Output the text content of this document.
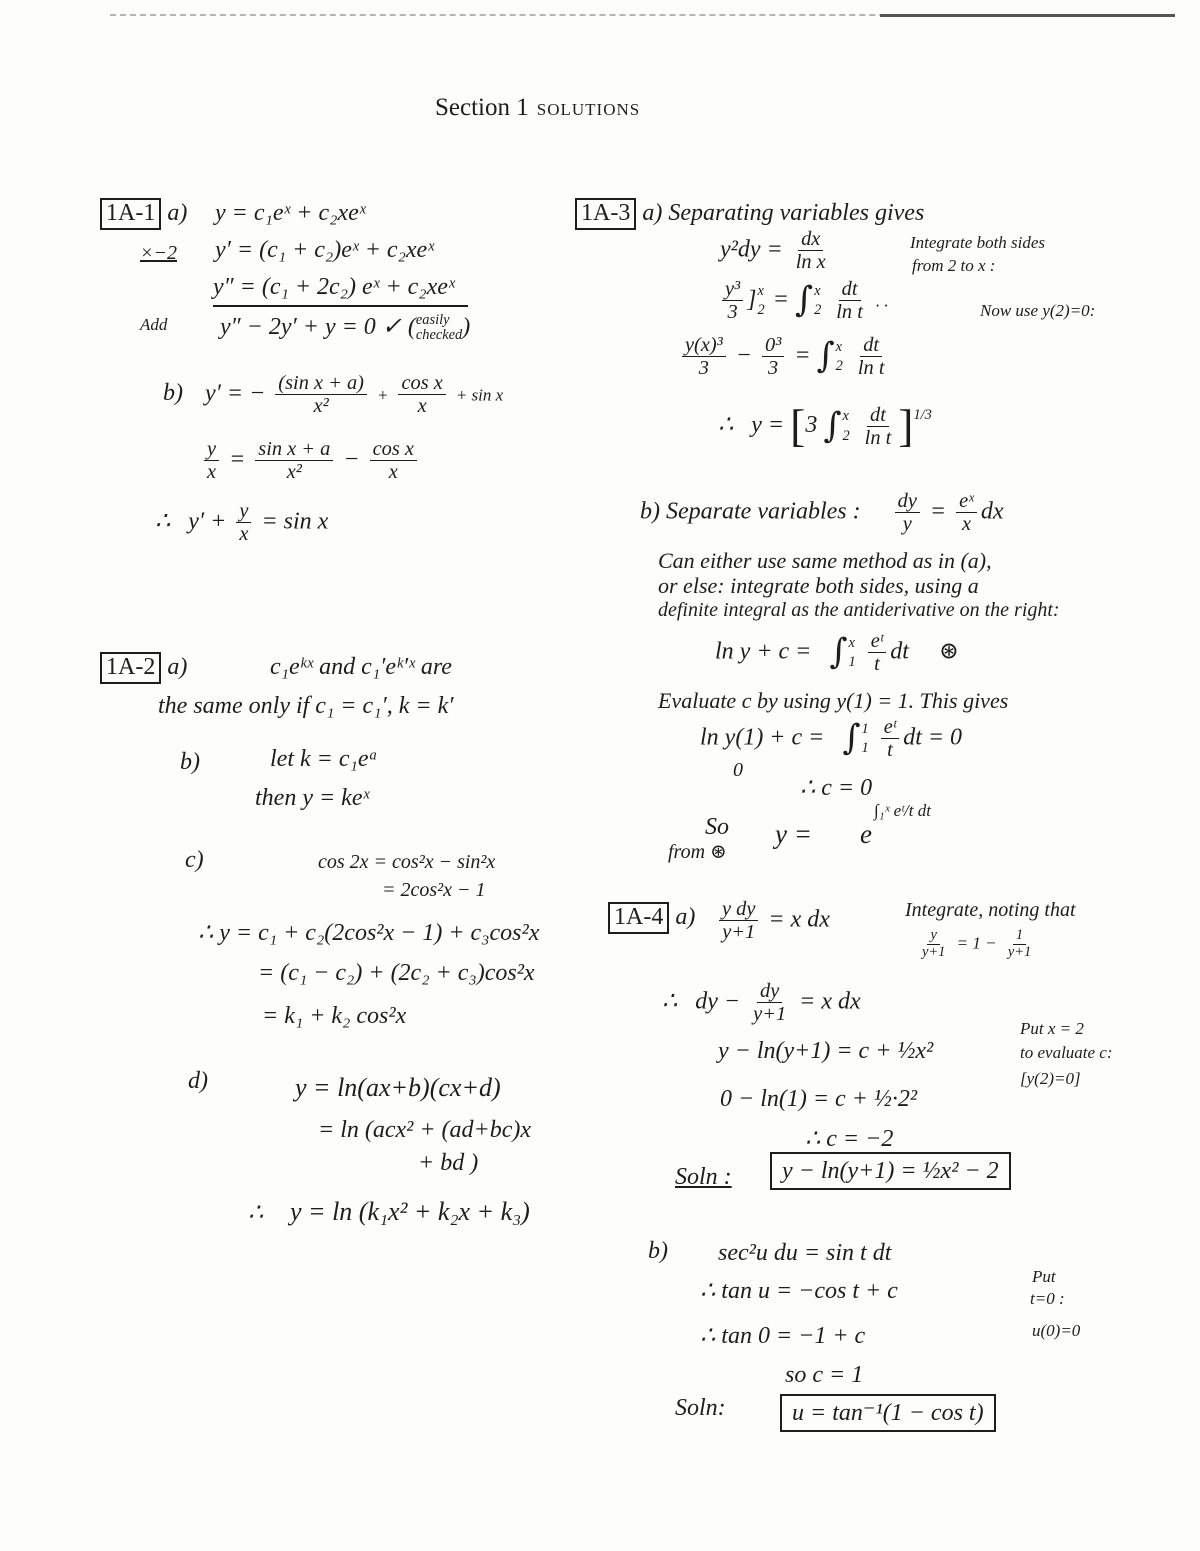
Section 1 SOLUTIONS
1A-1 a) y = c₁eˣ + c₂xeˣ
×−2 y′ = (c₁ + c₂)eˣ + c₂xeˣ
y″ = (c₁ + 2c₂) eˣ + c₂xeˣ
Add y″ − 2y′ + y = 0 ✓ ( easily
checked )
b) y′ = − $\frac{\text{(sin x + a)}}{\text{x²}} + \frac{\text{cos x}}{x} + \sin x$
$\frac{y}{x} = \frac{\text{sin x + a}}{\text{x²}} - \frac{\text{cos x}}{x}$
∴ $y' + \frac{y}{x} = \sin x$
1A-2 a)	c₁eᵏˣ and c₁′eᵏ′ˣ are
the same only if c₁ = c₁′, k = k′
b)	let k = c₁eᵃ
then y = keˣ
c)	cos 2x = cos²x − sin²x
= 2cos²x − 1
∴ y = c₁ + c₂(2cos²x − 1) + c₃cos²x
= (c₁ − c₂) + (2c₂ + c₃)cos²x
= k₁ + k₂ cos²x
d)	y = ln(ax+b)(cx+d)
= ln (acx² + (ad+bc)x
+ bd )
∴ y = ln (k₁x² + k₂x + k₃)
1A-3 a) Separating variables gives
$y^2dy = \frac{dx}{\text{ln x}}$	Integrate both sides
from 2 to x :
$\frac{\text{y³}}{3}$ ] x
2 = ∫ x
2
$\frac{dt}{\text{ln t}}$ . .
Now use y(2)=0:
$\frac{\text{y(x)³}}{3} - \frac{\text{0³}}{3}$ = ∫ x
2
$\frac{dt}{\text{ln t}}$
∴ y = [3 ∫ x
2
$\frac{dt}{\text{ln t}} ]^{1/3}$
b) Separate variables : $\frac{dy}{y} = \frac{\text{eˣ}}{x}$ dx
Can either use same method as in (a),
or else: integrate both sides, using a
definite integral as the antiderivative on the right:
ln y + c = ∫ x
1
$\frac{\text{eᵗ}}{t}$ dt ⊛
Evaluate c by using y(1) = 1. This gives
ln y(1) + c = ∫ 1
1
$\frac{\text{eᵗ}}{t}$ dt = 0
0
∴ c = 0
So
from ⊛
y = e
∫₁ˣ eᵗ/t dt
1A-4 $a) \frac{\text{y dy}}{y+1} = x$ dx	Integrate, noting that
$\frac{y}{y+1} = 1 - \frac{1}{y+1}$
∴ dy − $\frac{dy}{y+1} = x$ dx
y − ln(y+1) = c + ½x²
Put x = 2
to evaluate c:
[y(2)=0]
0 − ln(1) = c + ½·2²
∴ c = −2
Soln :	y − ln(y+1) = ½x² − 2
b) sec²u du = sin t dt
∴ tan u = −cos t + c
Put
t=0 :
u(0)=0
∴ tan 0 = −1 + c
so c = 1
Soln:	u = tan⁻¹(1 − cos t)
